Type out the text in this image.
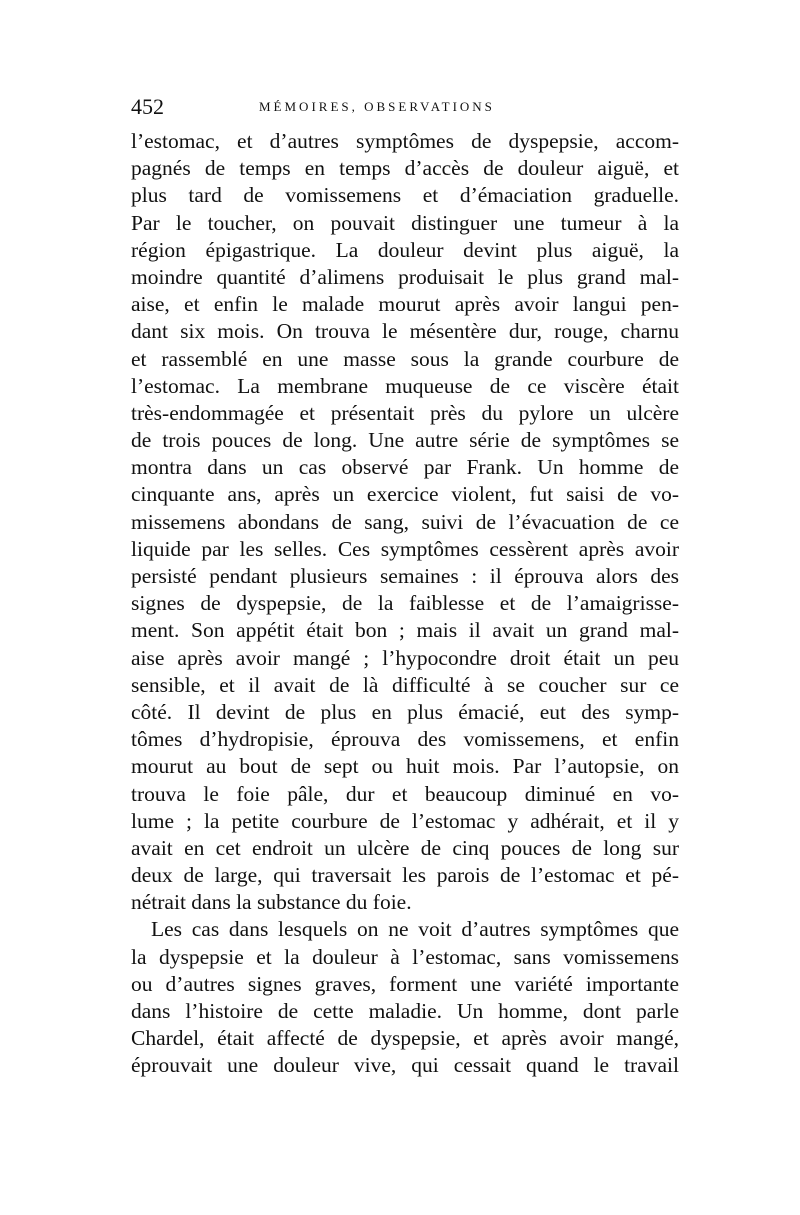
452	MÉMOIRES, OBSERVATIONS
l’estomac, et d’autres symptômes de dyspepsie, accom-
pagnés de temps en temps d’accès de douleur aiguë, et
plus tard de vomissemens et d’émaciation graduelle.
Par le toucher, on pouvait distinguer une tumeur à la
région épigastrique. La douleur devint plus aiguë, la
moindre quantité d’alimens produisait le plus grand mal-
aise, et enfin le malade mourut après avoir langui pen-
dant six mois. On trouva le mésentère dur, rouge, charnu
et rassemblé en une masse sous la grande courbure de
l’estomac. La membrane muqueuse de ce viscère était
très-endommagée et présentait près du pylore un ulcère
de trois pouces de long. Une autre série de symptômes se
montra dans un cas observé par Frank. Un homme de
cinquante ans, après un exercice violent, fut saisi de vo-
missemens abondans de sang, suivi de l’évacuation de ce
liquide par les selles. Ces symptômes cessèrent après avoir
persisté pendant plusieurs semaines : il éprouva alors des
signes de dyspepsie, de la faiblesse et de l’amaigrisse-
ment. Son appétit était bon ; mais il avait un grand mal-
aise après avoir mangé ; l’hypocondre droit était un peu
sensible, et il avait de là difficulté à se coucher sur ce
côté. Il devint de plus en plus émacié, eut des symp-
tômes d’hydropisie, éprouva des vomissemens, et enfin
mourut au bout de sept ou huit mois. Par l’autopsie, on
trouva le foie pâle, dur et beaucoup diminué en vo-
lume ; la petite courbure de l’estomac y adhérait, et il y
avait en cet endroit un ulcère de cinq pouces de long sur
deux de large, qui traversait les parois de l’estomac et pé-
nétrait dans la substance du foie.
Les cas dans lesquels on ne voit d’autres symptômes que
la dyspepsie et la douleur à l’estomac, sans vomissemens
ou d’autres signes graves, forment une variété importante
dans l’histoire de cette maladie. Un homme, dont parle
Chardel, était affecté de dyspepsie, et après avoir mangé,
éprouvait une douleur vive, qui cessait quand le travail
